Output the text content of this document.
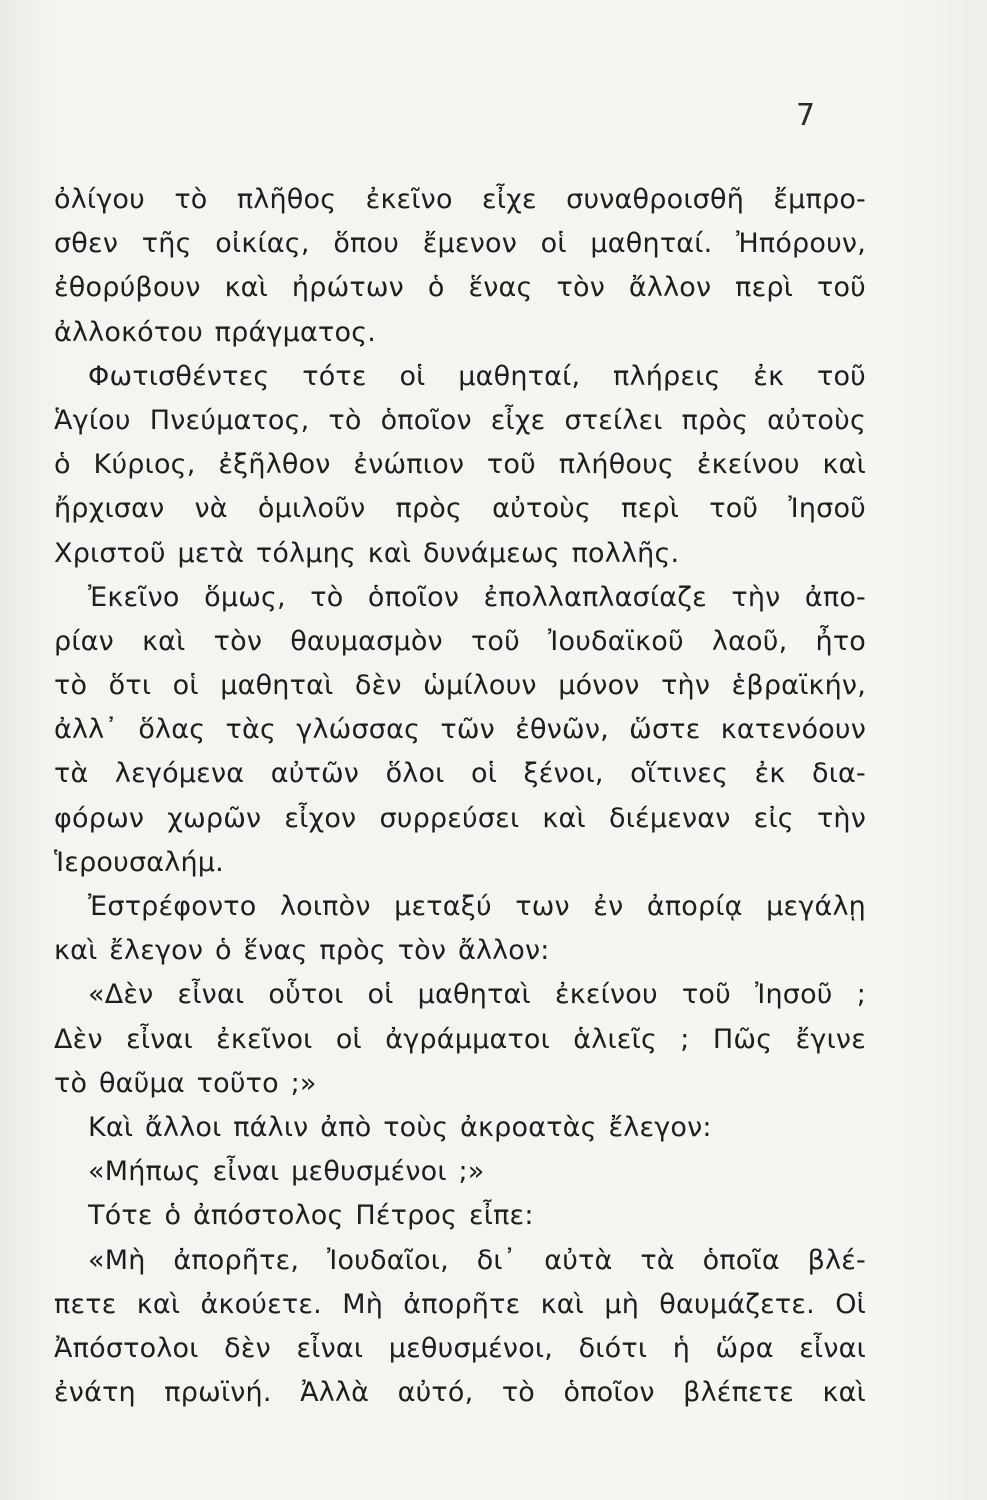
7
ὀλίγου τὸ πλῆθος ἐκεῖνο εἶχε συναθροισθῆ ἔμπρο-
σθεν τῆς οἰκίας, ὅπου ἔμενον οἱ μαθηταί. Ἠπόρουν,
ἐθορύβουν καὶ ἠρώτων ὁ ἕνας τὸν ἄλλον περὶ τοῦ
ἀλλοκότου πράγματος.
Φωτισθέντες τότε οἱ μαθηταί, πλήρεις ἐκ τοῦ
Ἁγίου Πνεύματος, τὸ ὁποῖον εἶχε στείλει πρὸς αὐτοὺς
ὁ Κύριος, ἐξῆλθον ἐνώπιον τοῦ πλήθους ἐκείνου καὶ
ἤρχισαν νὰ ὁμιλοῦν πρὸς αὐτοὺς περὶ τοῦ Ἰησοῦ
Χριστοῦ μετὰ τόλμης καὶ δυνάμεως πολλῆς.
Ἐκεῖνο ὅμως, τὸ ὁποῖον ἐπολλαπλασίαζε τὴν ἀπο-
ρίαν καὶ τὸν θαυμασμὸν τοῦ Ἰουδαϊκοῦ λαοῦ, ἦτο
τὸ ὅτι οἱ μαθηταὶ δὲν ὡμίλουν μόνον τὴν ἑβραϊκήν,
ἀλλ᾽ ὅλας τὰς γλώσσας τῶν ἐθνῶν, ὥστε κατενόουν
τὰ λεγόμενα αὐτῶν ὅλοι οἱ ξένοι, οἵτινες ἐκ δια-
φόρων χωρῶν εἶχον συρρεύσει καὶ διέμεναν εἰς τὴν
Ἱερουσαλήμ.
Ἐστρέφοντο λοιπὸν μεταξύ των ἐν ἀπορίᾳ μεγάλῃ
καὶ ἔλεγον ὁ ἕνας πρὸς τὸν ἄλλον:
«Δὲν εἶναι οὗτοι οἱ μαθηταὶ ἐκείνου τοῦ Ἰησοῦ ;
Δὲν εἶναι ἐκεῖνοι οἱ ἀγράμματοι ἁλιεῖς ; Πῶς ἔγινε
τὸ θαῦμα τοῦτο ;»
Καὶ ἄλλοι πάλιν ἀπὸ τοὺς ἀκροατὰς ἔλεγον:
«Μήπως εἶναι μεθυσμένοι ;»
Τότε ὁ ἀπόστολος Πέτρος εἶπε:
«Μὴ ἀπορῆτε, Ἰουδαῖοι, δι᾽ αὐτὰ τὰ ὁποῖα βλέ-
πετε καὶ ἀκούετε. Μὴ ἀπορῆτε καὶ μὴ θαυμάζετε. Οἱ
Ἀπόστολοι δὲν εἶναι μεθυσμένοι, διότι ἡ ὥρα εἶναι
ἐνάτη πρωϊνή. Ἀλλὰ αὐτό, τὸ ὁποῖον βλέπετε καὶ
